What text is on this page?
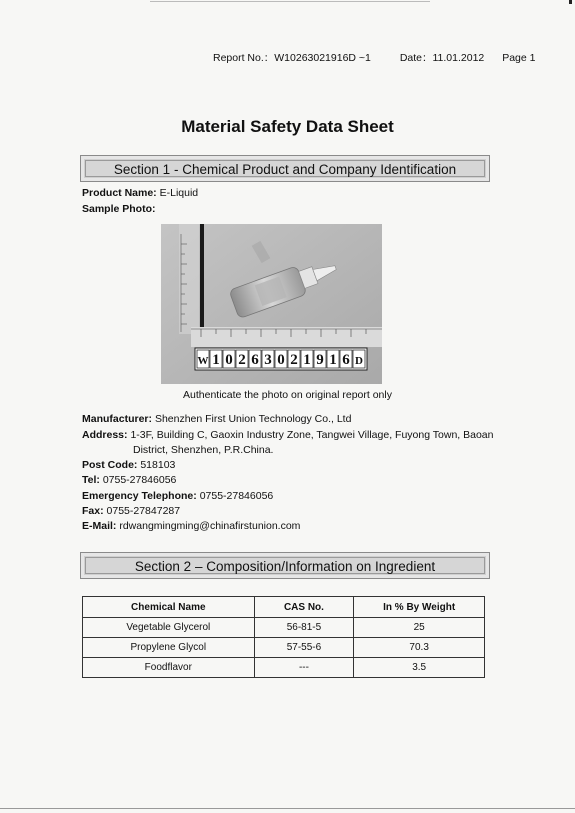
Report No.：W10263021916D ~1	Date：11.01.2012 Page 1
Material Safety Data Sheet
Section 1 - Chemical Product and Company Identification
Product Name: E-Liquid
Sample Photo:
W 1 0 2 6 3 0 2 1 9 1 6 D
Authenticate the photo on original report only
Manufacturer: Shenzhen First Union Technology Co., Ltd
Address: 1-3F, Building C, Gaoxin Industry Zone, Tangwei Village, Fuyong Town, Baoan
District, Shenzhen, P.R.China.
Post Code: 518103
Tel: 0755-27846056
Emergency Telephone: 0755-27846056
Fax: 0755-27847287
E-Mail: rdwangmingming@chinafirstunion.com
Section 2 – Composition/Information on Ingredient
Chemical Name	CAS No.	In % By Weight
Vegetable Glycerol	56-81-5	25
Propylene Glycol	57-55-6	70.3
Foodflavor	---	3.5
